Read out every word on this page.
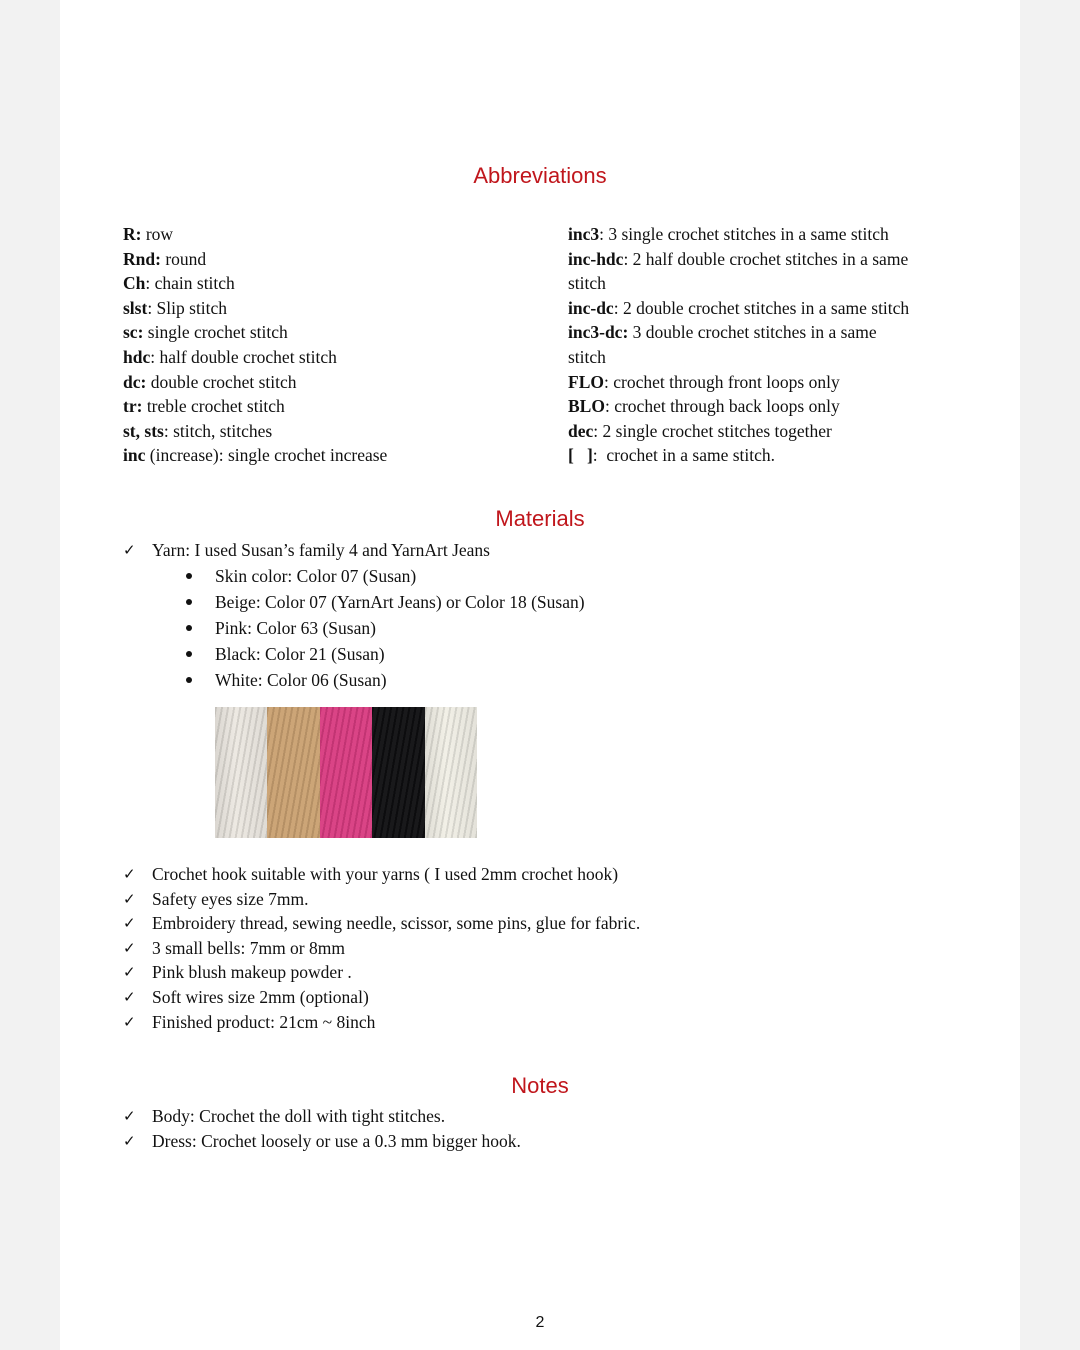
Abbreviations
R: row
Rnd: round
Ch: chain stitch
slst: Slip stitch
sc: single crochet stitch
hdc: half double crochet stitch
dc: double crochet stitch
tr: treble crochet stitch
st, sts: stitch, stitches
inc (increase): single crochet increase
inc3: 3 single crochet stitches in a same stitch
inc-hdc: 2 half double crochet stitches in a same
stitch
inc-dc: 2 double crochet stitches in a same stitch
inc3-dc: 3 double crochet stitches in a same
stitch
FLO: crochet through front loops only
BLO: crochet through back loops only
dec: 2 single crochet stitches together
[   ]:  crochet in a same stitch.
Materials
✓ Yarn: I used Susan’s family 4 and YarnArt Jeans
Skin color: Color 07 (Susan)
Beige: Color 07 (YarnArt Jeans) or Color 18 (Susan)
Pink: Color 63 (Susan)
Black: Color 21 (Susan)
White: Color 06 (Susan)
✓ Crochet hook suitable with your yarns ( I used 2mm crochet hook)
✓ Safety eyes size 7mm.
✓ Embroidery thread, sewing needle, scissor, some pins, glue for fabric.
✓ 3 small bells: 7mm or 8mm
✓ Pink blush makeup powder .
✓ Soft wires size 2mm (optional)
✓ Finished product: 21cm ~ 8inch
Notes
✓ Body: Crochet the doll with tight stitches.
✓ Dress: Crochet loosely or use a 0.3 mm bigger hook.
2
